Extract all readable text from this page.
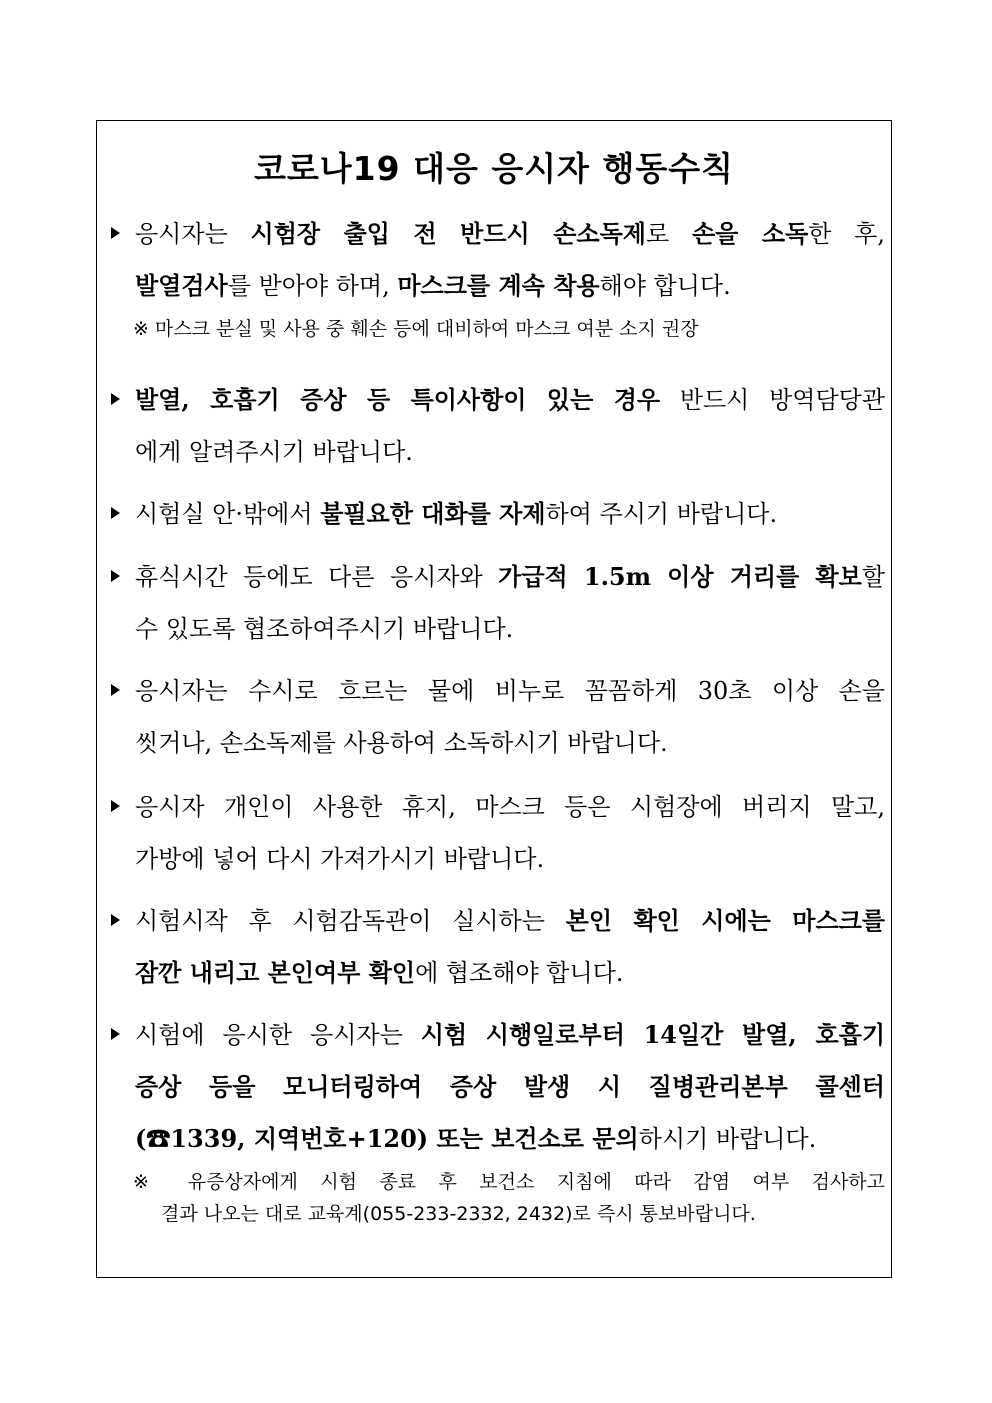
코로나19 대응 응시자 행동수칙
응시자는 시험장 출입 전 반드시 손소독제로 손을 소독한 후,
발열검사를 받아야 하며, 마스크를 계속 착용해야 합니다.
※ 마스크 분실 및 사용 중 훼손 등에 대비하여 마스크 여분 소지 권장
발열, 호흡기 증상 등 특이사항이 있는 경우 반드시 방역담당관
에게 알려주시기 바랍니다.
시험실 안·밖에서 불필요한 대화를 자제하여 주시기 바랍니다.
휴식시간 등에도 다른 응시자와 가급적 1.5m 이상 거리를 확보할
수 있도록 협조하여주시기 바랍니다.
응시자는 수시로 흐르는 물에 비누로 꼼꼼하게 30초 이상 손을
씻거나, 손소독제를 사용하여 소독하시기 바랍니다.
응시자 개인이 사용한 휴지, 마스크 등은 시험장에 버리지 말고,
가방에 넣어 다시 가져가시기 바랍니다.
시험시작 후 시험감독관이 실시하는 본인 확인 시에는 마스크를
잠깐 내리고 본인여부 확인에 협조해야 합니다.
시험에 응시한 응시자는 시험 시행일로부터 14일간 발열, 호흡기
증상 등을 모니터링하여 증상 발생 시 질병관리본부 콜센터
(☎1339, 지역번호+120) 또는 보건소로 문의하시기 바랍니다.
※ 유증상자에게 시험 종료 후 보건소 지침에 따라 감염 여부 검사하고
결과 나오는 대로 교육계(055-233-2332, 2432)로 즉시 통보바랍니다.
